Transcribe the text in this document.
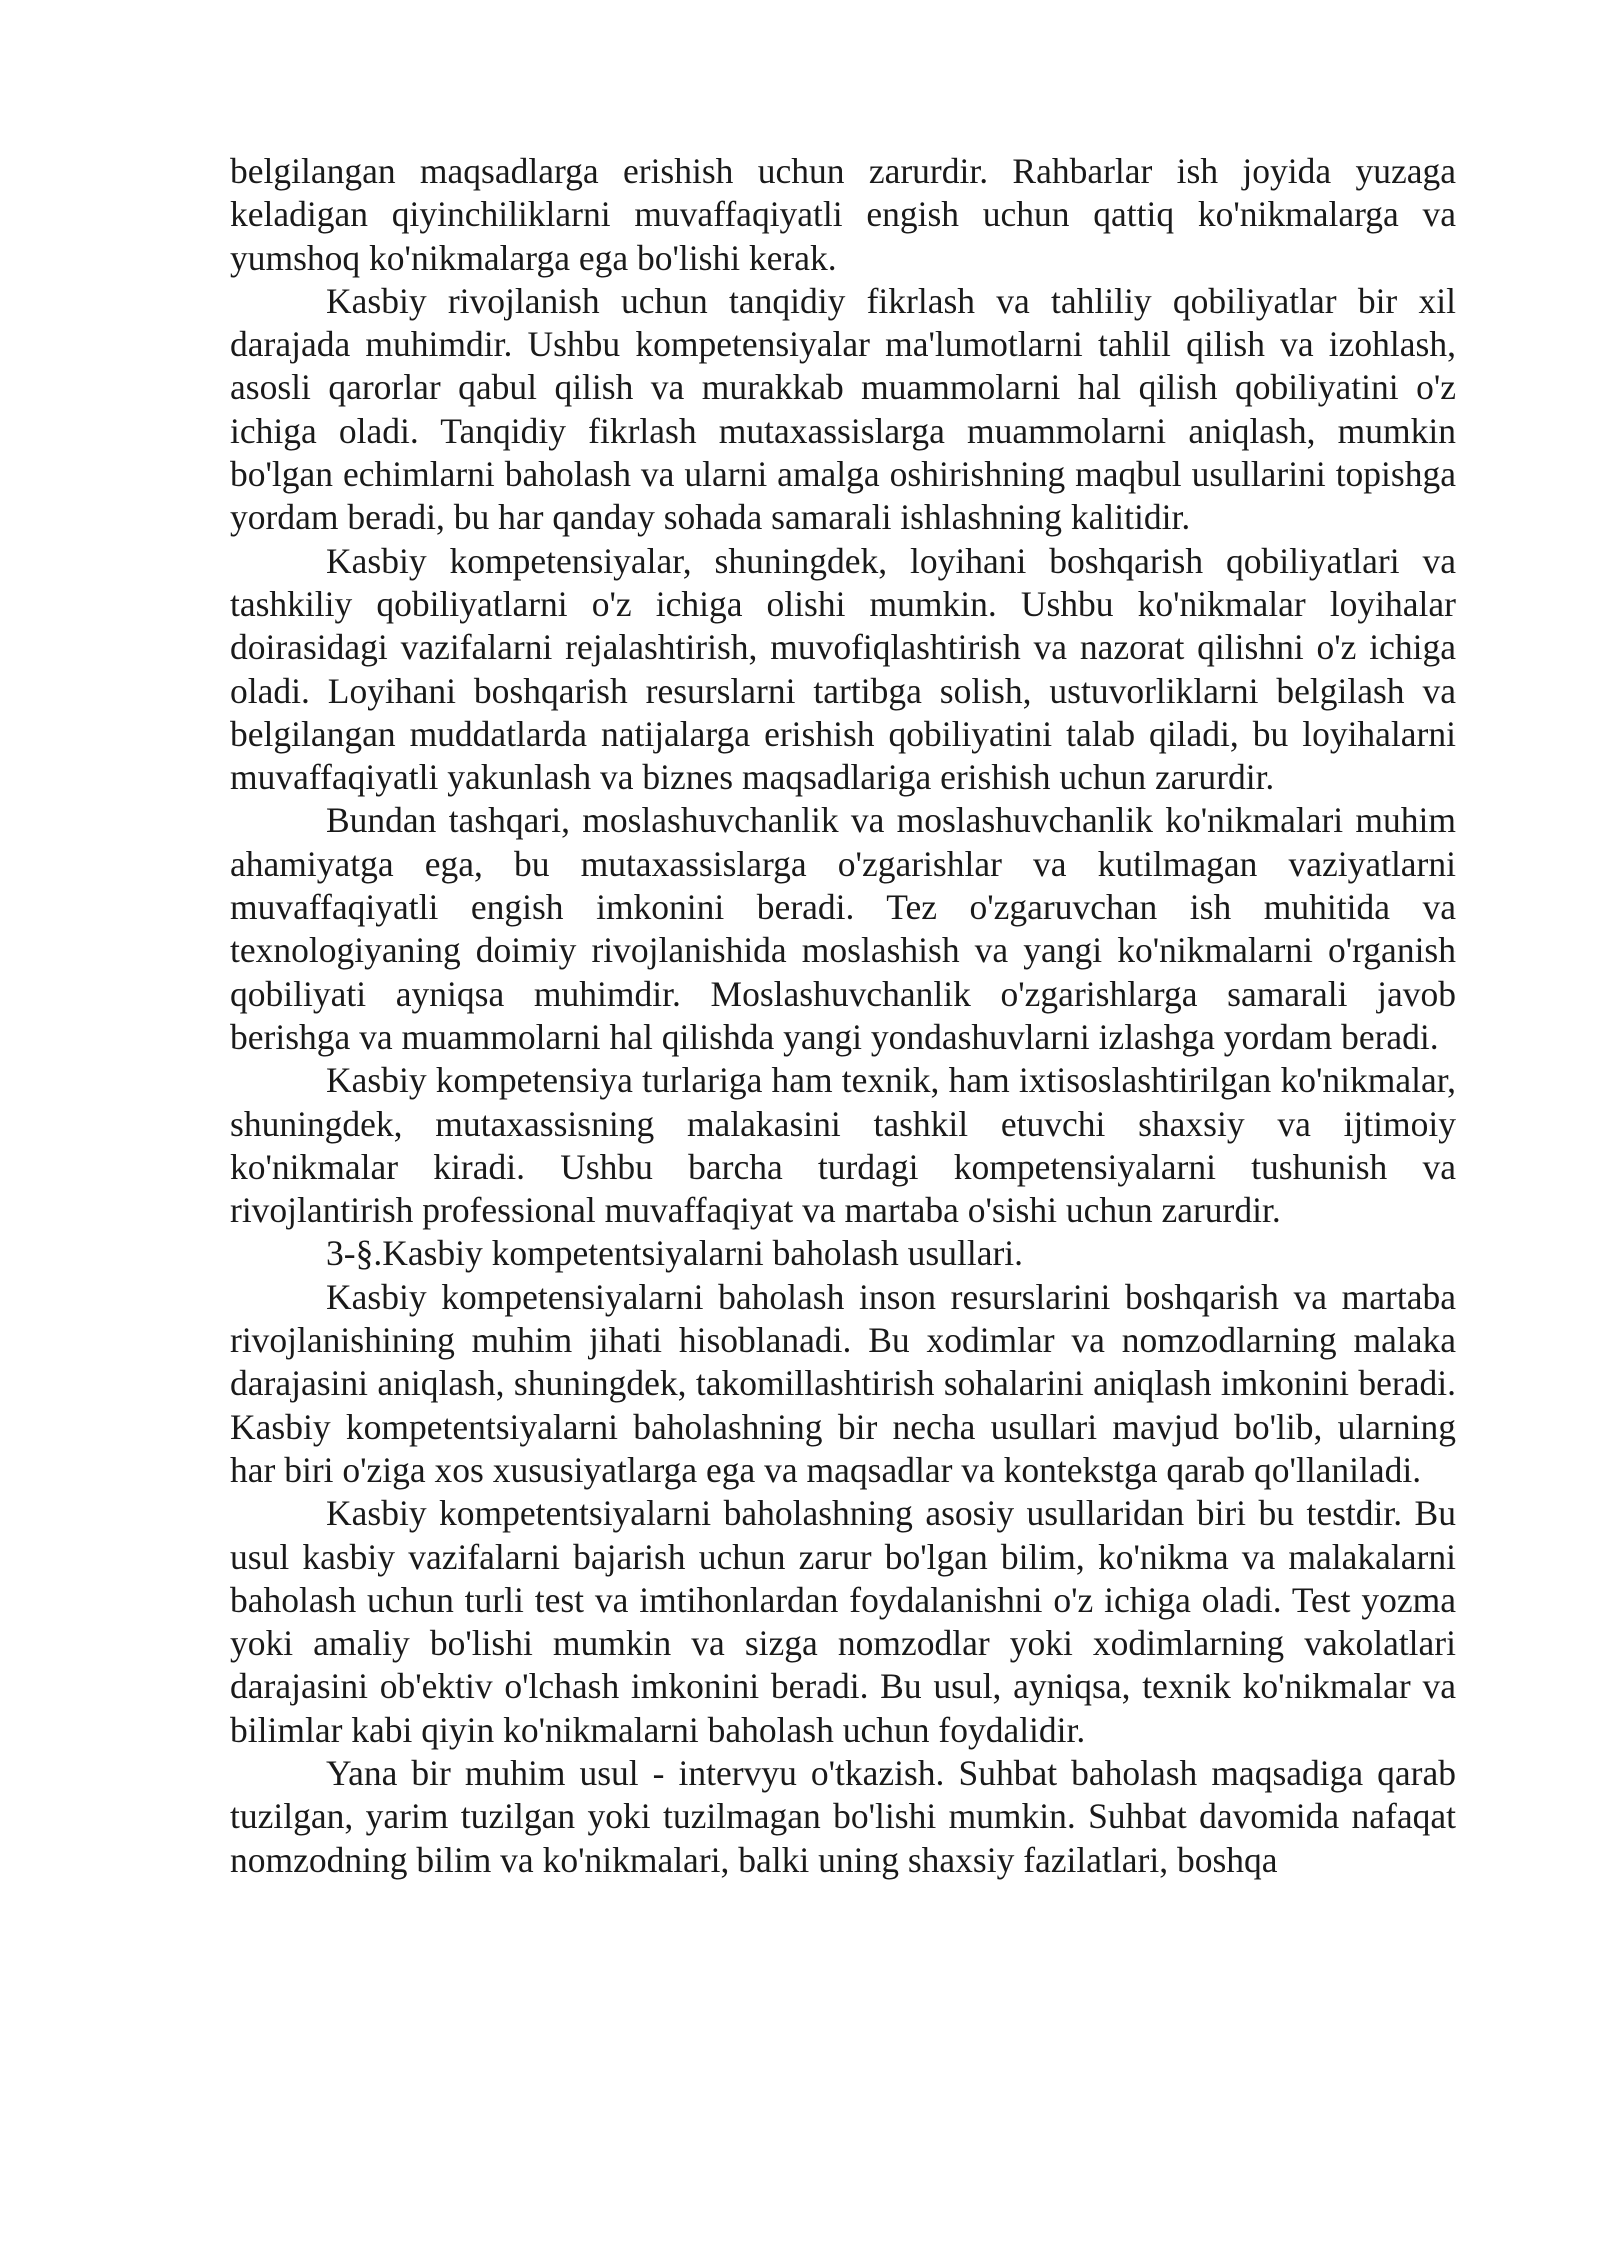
belgilangan maqsadlarga erishish uchun zarurdir. Rahbarlar ish joyida yuzaga keladigan qiyinchiliklarni muvaffaqiyatli engish uchun qattiq ko'nikmalarga va yumshoq ko'nikmalarga ega bo'lishi kerak.

Kasbiy rivojlanish uchun tanqidiy fikrlash va tahliliy qobiliyatlar bir xil darajada muhimdir. Ushbu kompetensiyalar ma'lumotlarni tahlil qilish va izohlash, asosli qarorlar qabul qilish va murakkab muammolarni hal qilish qobiliyatini o'z ichiga oladi. Tanqidiy fikrlash mutaxassislarga muammolarni aniqlash, mumkin bo'lgan echimlarni baholash va ularni amalga oshirishning maqbul usullarini topishga yordam beradi, bu har qanday sohada samarali ishlashning kalitidir.

Kasbiy kompetensiyalar, shuningdek, loyihani boshqarish qobiliyatlari va tashkiliy qobiliyatlarni o'z ichiga olishi mumkin. Ushbu ko'nikmalar loyihalar doirasidagi vazifalarni rejalashtirish, muvofiqlashtirish va nazorat qilishni o'z ichiga oladi. Loyihani boshqarish resurslarni tartibga solish, ustuvorliklarni belgilash va belgilangan muddatlarda natijalarga erishish qobiliyatini talab qiladi, bu loyihalarni muvaffaqiyatli yakunlash va biznes maqsadlariga erishish uchun zarurdir.

Bundan tashqari, moslashuvchanlik va moslashuvchanlik ko'nikmalari muhim ahamiyatga ega, bu mutaxassislarga o'zgarishlar va kutilmagan vaziyatlarni muvaffaqiyatli engish imkonini beradi. Tez o'zgaruvchan ish muhitida va texnologiyaning doimiy rivojlanishida moslashish va yangi ko'nikmalarni o'rganish qobiliyati ayniqsa muhimdir. Moslashuvchanlik o'zgarishlarga samarali javob berishga va muammolarni hal qilishda yangi yondashuvlarni izlashga yordam beradi.

Kasbiy kompetensiya turlariga ham texnik, ham ixtisoslashtirilgan ko'nikmalar, shuningdek, mutaxassisning malakasini tashkil etuvchi shaxsiy va ijtimoiy ko'nikmalar kiradi. Ushbu barcha turdagi kompetensiyalarni tushunish va rivojlantirish professional muvaffaqiyat va martaba o'sishi uchun zarurdir.

3-§.Kasbiy kompetentsiyalarni baholash usullari.

Kasbiy kompetensiyalarni baholash inson resurslarini boshqarish va martaba rivojlanishining muhim jihati hisoblanadi. Bu xodimlar va nomzodlarning malaka darajasini aniqlash, shuningdek, takomillashtirish sohalarini aniqlash imkonini beradi. Kasbiy kompetentsiyalarni baholashning bir necha usullari mavjud bo'lib, ularning har biri o'ziga xos xususiyatlarga ega va maqsadlar va kontekstga qarab qo'llaniladi.

Kasbiy kompetentsiyalarni baholashning asosiy usullaridan biri bu testdir. Bu usul kasbiy vazifalarni bajarish uchun zarur bo'lgan bilim, ko'nikma va malakalarni baholash uchun turli test va imtihonlardan foydalanishni o'z ichiga oladi. Test yozma yoki amaliy bo'lishi mumkin va sizga nomzodlar yoki xodimlarning vakolatlari darajasini ob'ektiv o'lchash imkonini beradi. Bu usul, ayniqsa, texnik ko'nikmalar va bilimlar kabi qiyin ko'nikmalarni baholash uchun foydalidir.

Yana bir muhim usul - intervyu o'tkazish. Suhbat baholash maqsadiga qarab tuzilgan, yarim tuzilgan yoki tuzilmagan bo'lishi mumkin. Suhbat davomida nafaqat nomzodning bilim va ko'nikmalari, balki uning shaxsiy fazilatlari, boshqa
